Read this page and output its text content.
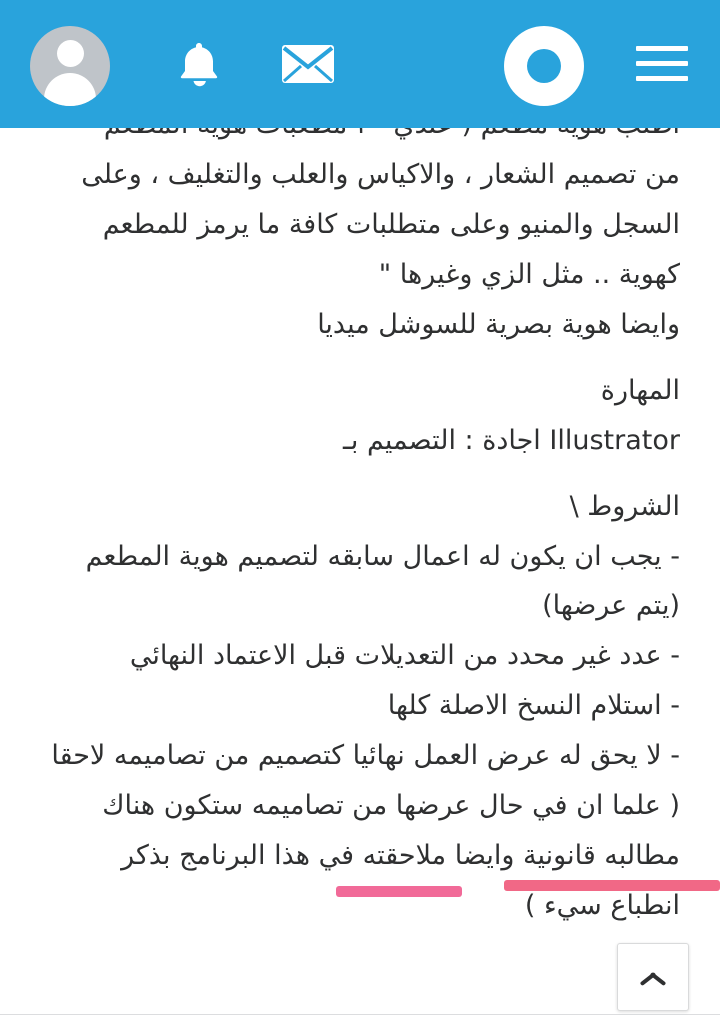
من تصميم الشعار ، والاكياس والعلب والتغليف ، وعلى

السجل والمنيو وعلى متطلبات كافة ما يرمز للمطعم

كهوية .. مثل الزي وغيرها "

وايضا هوية بصرية للسوشل ميديا

المهارة

Illustrator اجادة : التصميم بـ

الشروط \

- يجب ان يكون له اعمال سابقه لتصميم هوية المطعم

(يتم عرضها)

- عدد غير محدد من التعديلات قبل الاعتماد النهائي

- استلام النسخ الاصلة كلها

- لا يحق له عرض العمل نهائيا كتصميم من تصاميمه لاحقا

( علما ان في حال عرضها من تصاميمه ستكون هناك

مطالبه قانونية وايضا ملاحقته في هذا البرنامج بذكر

انطباع سيء )
